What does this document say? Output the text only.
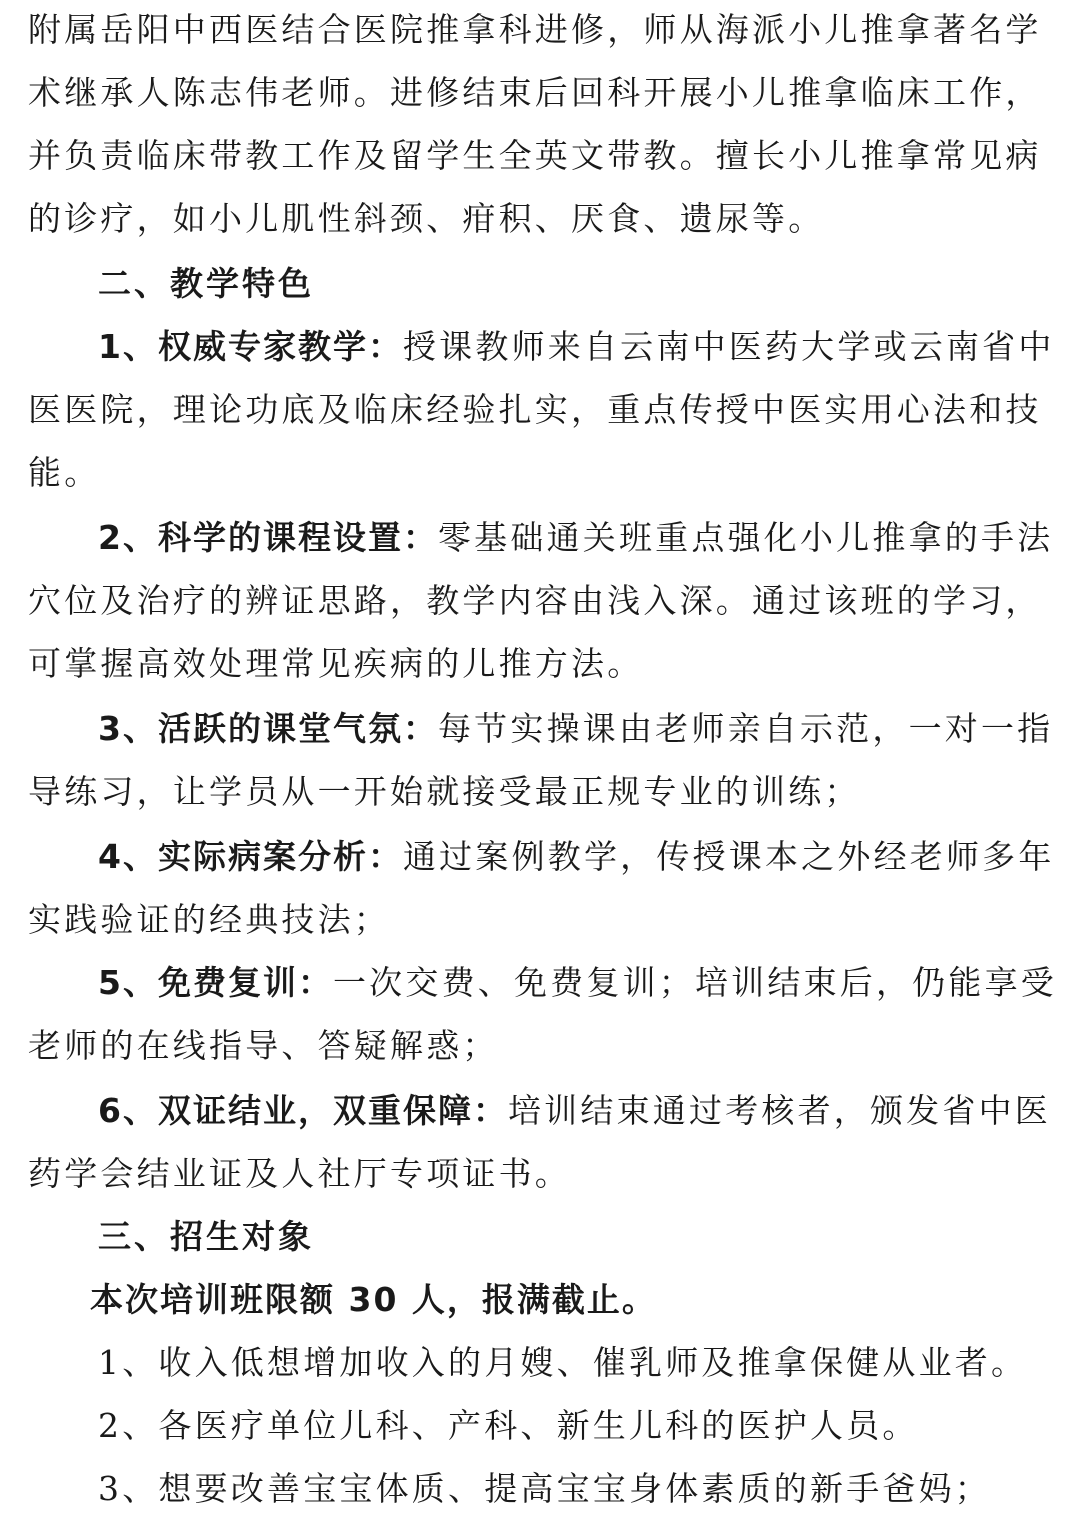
附属岳阳中西医结合医院推拿科进修，师从海派小儿推拿著名学
术继承人陈志伟老师。进修结束后回科开展小儿推拿临床工作，
并负责临床带教工作及留学生全英文带教。擅长小儿推拿常见病
的诊疗，如小儿肌性斜颈、疳积、厌食、遗尿等。
二、教学特色
1、权威专家教学：授课教师来自云南中医药大学或云南省中
医医院，理论功底及临床经验扎实，重点传授中医实用心法和技
能。
2、科学的课程设置：零基础通关班重点强化小儿推拿的手法
穴位及治疗的辨证思路，教学内容由浅入深。通过该班的学习，
可掌握高效处理常见疾病的儿推方法。
3、活跃的课堂气氛：每节实操课由老师亲自示范，一对一指
导练习，让学员从一开始就接受最正规专业的训练；
4、实际病案分析：通过案例教学，传授课本之外经老师多年
实践验证的经典技法；
5、免费复训：一次交费、免费复训；培训结束后，仍能享受
老师的在线指导、答疑解惑；
6、双证结业，双重保障：培训结束通过考核者，颁发省中医
药学会结业证及人社厅专项证书。
三、招生对象
本次培训班限额 30 人，报满截止。
1、收入低想增加收入的月嫂、催乳师及推拿保健从业者。
2、各医疗单位儿科、产科、新生儿科的医护人员。
3、想要改善宝宝体质、提高宝宝身体素质的新手爸妈；
